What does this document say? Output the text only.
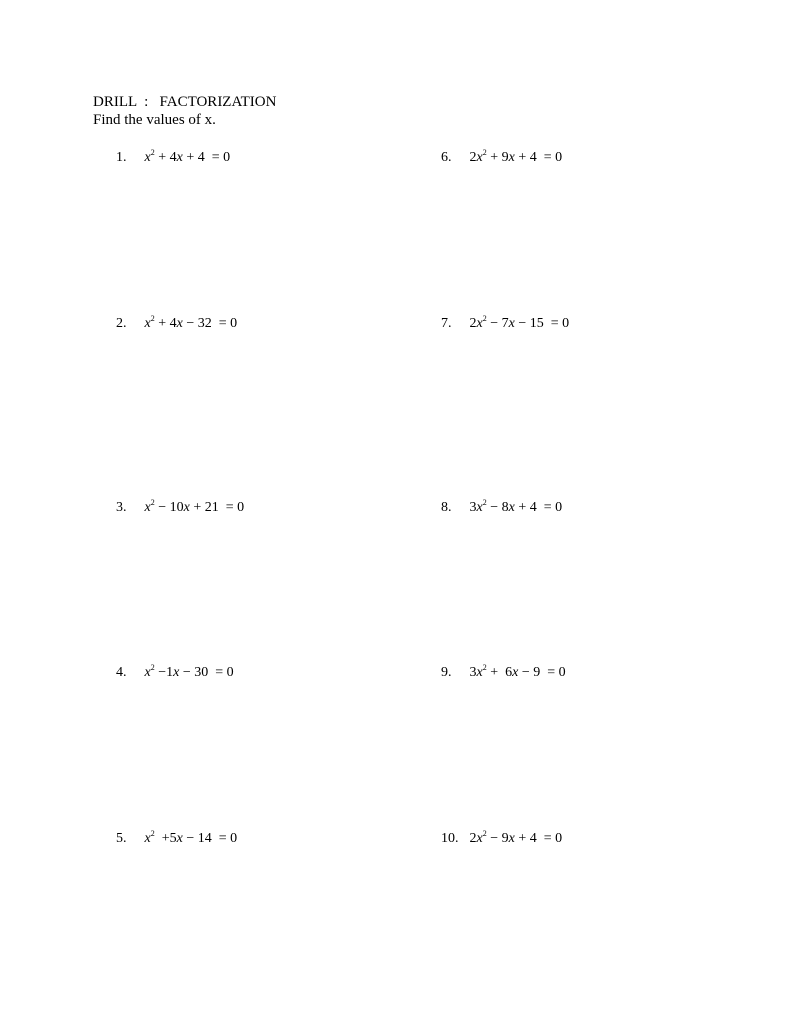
DRILL  :   FACTORIZATION
Find the values of x.
1. $x^2 + 4x + 4 = 0$
2. $x^2 + 4x - 32 = 0$
3. $x^2 - 10x + 21 = 0$
4. $x^2 -1x - 30 = 0$
5. $x^2 +5x - 14 = 0$
6. $2x^2 + 9x + 4 = 0$
7. $2x^2 - 7x - 15 = 0$
8. $3x^2 - 8x + 4 = 0$
9. $3x^2 + 6x - 9 = 0$
10. $2x^2 - 9x + 4 = 0$
